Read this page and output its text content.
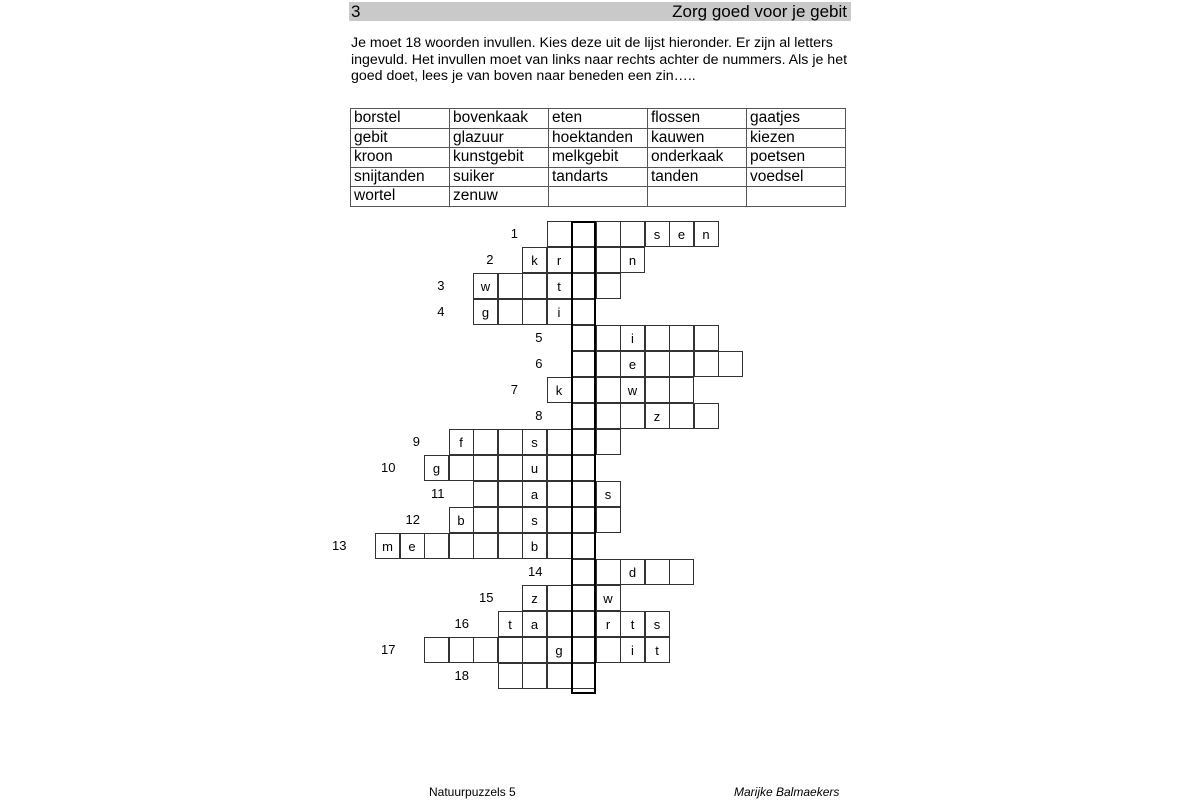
3	Zorg goed voor je gebit

Je moet 18 woorden invullen. Kies deze uit de lijst hieronder. Er zijn al letters ingevuld. Het invullen moet van links naar rechts achter de nummers. Als je het goed doet, lees je van boven naar beneden een zin…..

borstel	bovenkaak	eten	flossen	gaatjes
gebit	glazuur	hoektanden	kauwen	kiezen
kroon	kunstgebit	melkgebit	onderkaak	poetsen
snijtanden	suiker	tandarts	tanden	voedsel
wortel	zenuw			
1	s	e	n
2	k	r	n
3	w	t
4	g	i
5	i
6	e
7	k	w
8	z
9	f	s
10	g	u
11	a	s
12	b	s
13	m	e	b
14	d
15	z	w
16	t	a	r	t	s
17	g	i	t
18
Natuurpuzzels 5	Marijke Balmaekers
